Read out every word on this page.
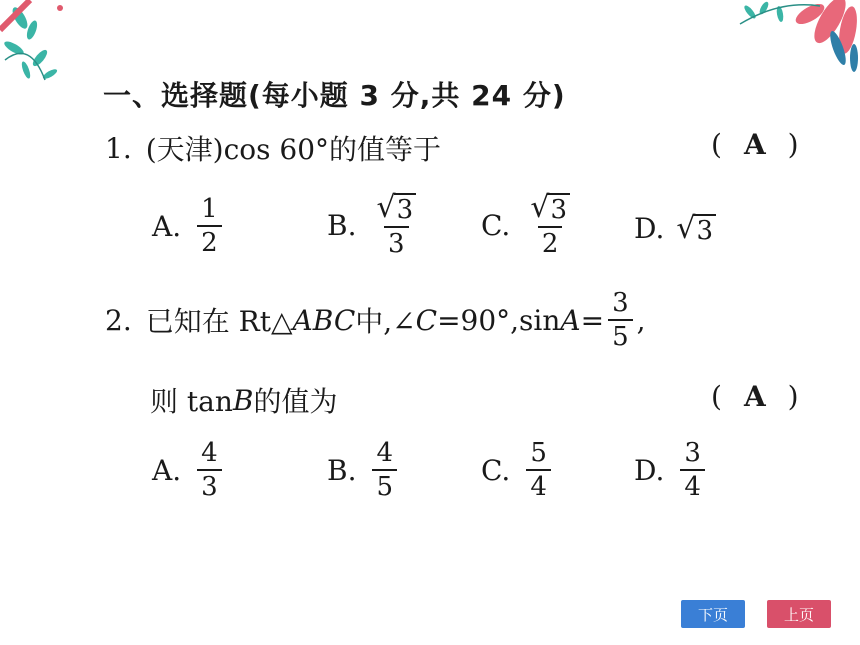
一、选择题(每小题 3 分,共 24 分)
1. (天津)cos 60°的值等于	( A )
A. $\frac{1}{2}$	B. $\frac{√ 3}{3} C$. $\frac{√ 3}{2} D$. √ 3
2. 已知在 Rt△ ABC 中,∠ C =90°,sin $A = \frac{3}{5}$ ,
则 tan B 的值为	( A )
A. $\frac{4}{3}$	B. $\frac{4}{5}$	C. $\frac{5}{4}$	D. $\frac{3}{4}$
下页	上页
